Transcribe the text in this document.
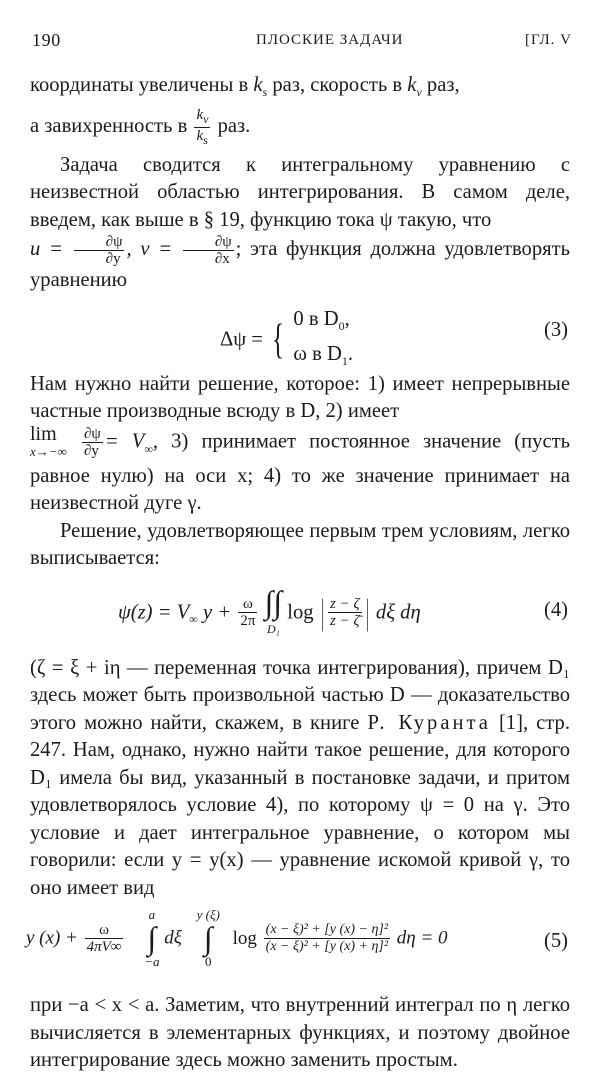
190	ПЛОСКИЕ ЗАДАЧИ	[ГЛ. V

координаты увеличены в $k_s$ раз, скорость в $k_v$ раз,
а завихренность в $\frac{k_v}{k_s}$ раз.

Задача сводится к интегральному уравнению с неизвестной областью интегрирования. В самом деле, введем, как выше в § 19, функцию тока ψ такую, что
$u = \frac{\partial\psi}{\partial y}$ , $v = \frac{\partial\psi}{\partial x}$ ; эта функция должна удовлетворять уравнению

Δψ = { 0 в $D_0$,
ω в $D_1$.
(3)

Нам нужно найти решение, которое: 1) имеет непрерывные частные производные всюду в D, 2) имеет
lim
$x\to-\infty \frac{\partial\psi}{\partial y} = V_\infty$, 3) принимает постоянное значение (пусть равное нулю) на оси x; 4) то же значение принимает на неизвестной дуге γ.

Решение, удовлетворяющее первым трем условиям, легко выписывается:

$\psi(z) = V_\infty$ $y + \frac{\omega}{2\pi}$ ∫∫
D₁ log | $\frac{z - \zeta}{z - \zetā}$ | dξ dη	(4)

(ζ = ξ + iη — переменная точка интегрирования), причем D₁ здесь может быть произвольной частью D — доказательство этого можно найти, скажем, в книге Р. Куранта [1], стр. 247. Нам, однако, нужно найти такое решение, для которого D₁ имела бы вид, указанный в постановке задачи, и притом удовлетворялось условие 4), по которому ψ = 0 на γ. Это условие и дает интегральное уравнение, о котором мы говорили: если y = y(x) — уравнение искомой кривой γ, то оно имеет вид

y $(x) + \frac{\omega}{4\pi V\infty}$
a
∫
−a dξ y (ξ)
∫
0 $\log \frac{\text{(x − ξ)² + [y (x) − η]²}}{\text{(x − ξ)² + [y (x) + η]²}}$ dη = 0	(5)

при −a < x < a. Заметим, что внутренний интеграл по η легко вычисляется в элементарных функциях, и поэтому двойное интегрирование здесь можно заменить простым.
